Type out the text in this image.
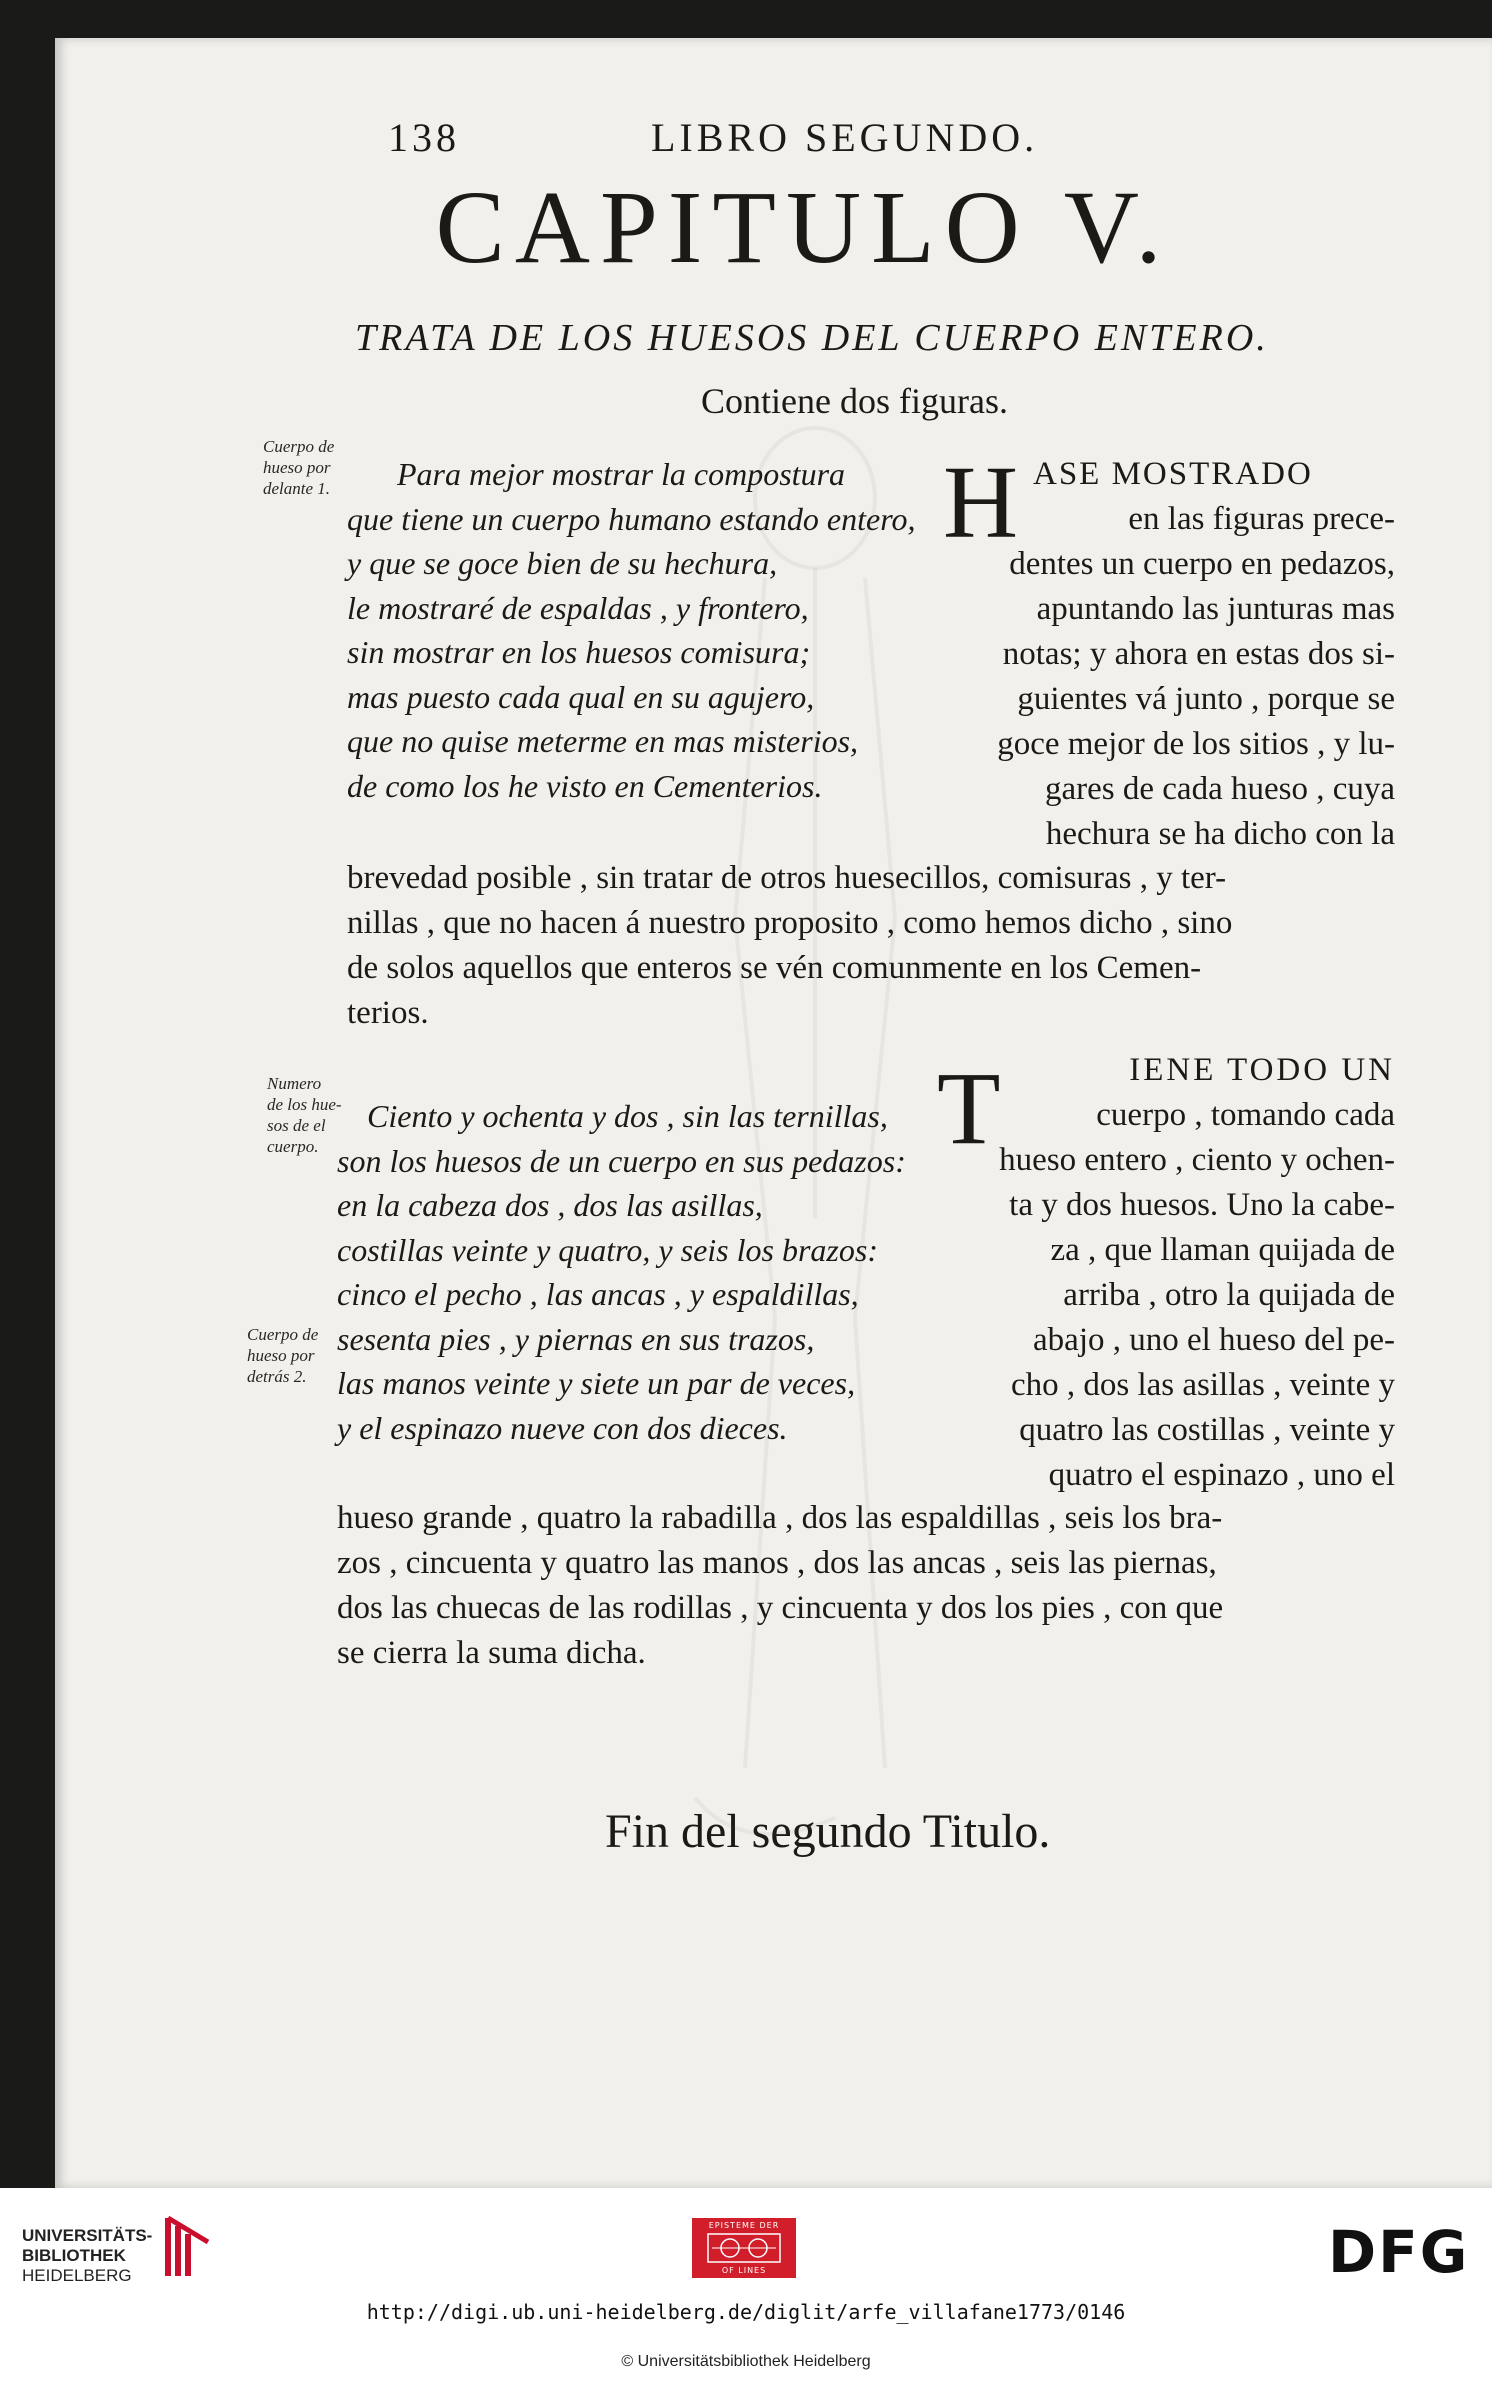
138	LIBRO SEGUNDO.
CAPITULO V.
TRATA DE LOS HUESOS DEL CUERPO ENTERO.
Contiene dos figuras.
Cuerpo de
hueso por
delante 1.	Para mejor mostrar la compostura
que tiene un cuerpo humano estando entero,
y que se goce bien de su hechura,
le mostraré de espaldas , y frontero,
sin mostrar en los huesos comisura;
mas puesto cada qual en su agujero,
que no quise meterme en mas misterios,
de como los he visto en Cementerios.
H ASE MOSTRADO
en las figuras prece-
dentes un cuerpo en pedazos,
apuntando las junturas mas
notas; y ahora en estas dos si-
guientes vá junto , porque se
goce mejor de los sitios , y lu-
gares de cada hueso , cuya
hechura se ha dicho con la
brevedad posible , sin tratar de otros huesecillos, comisuras , y ter-
nillas , que no hacen á nuestro proposito , como hemos dicho , sino
de solos aquellos que enteros se vén comunmente en los Cemen-
terios.
Numero
de los hue-
sos de el
cuerpo.
Cuerpo de
hueso por
detrás 2.
Ciento y ochenta y dos , sin las ternillas,
son los huesos de un cuerpo en sus pedazos:
en la cabeza dos , dos las asillas,
costillas veinte y quatro, y seis los brazos:
cinco el pecho , las ancas , y espaldillas,
sesenta pies , y piernas en sus trazos,
las manos veinte y siete un par de veces,
y el espinazo nueve con dos dieces.
T	IENE TODO UN
cuerpo , tomando cada
hueso entero , ciento y ochen-
ta y dos huesos. Uno la cabe-
za , que llaman quijada de
arriba , otro la quijada de
abajo , uno el hueso del pe-
cho , dos las asillas , veinte y
quatro las costillas , veinte y
quatro el espinazo , uno el
hueso grande , quatro la rabadilla , dos las espaldillas , seis los bra-
zos , cincuenta y quatro las manos , dos las ancas , seis las piernas,
dos las chuecas de las rodillas , y cincuenta y dos los pies , con que
se cierra la suma dicha.
Fin del segundo Titulo.
UNIVERSITÄTS-
BIBLIOTHEK
HEIDELBERG
EPISTEME DER
OF LINES	DFG
http://digi.ub.uni-heidelberg.de/diglit/arfe_villafane1773/0146
© Universitätsbibliothek Heidelberg
